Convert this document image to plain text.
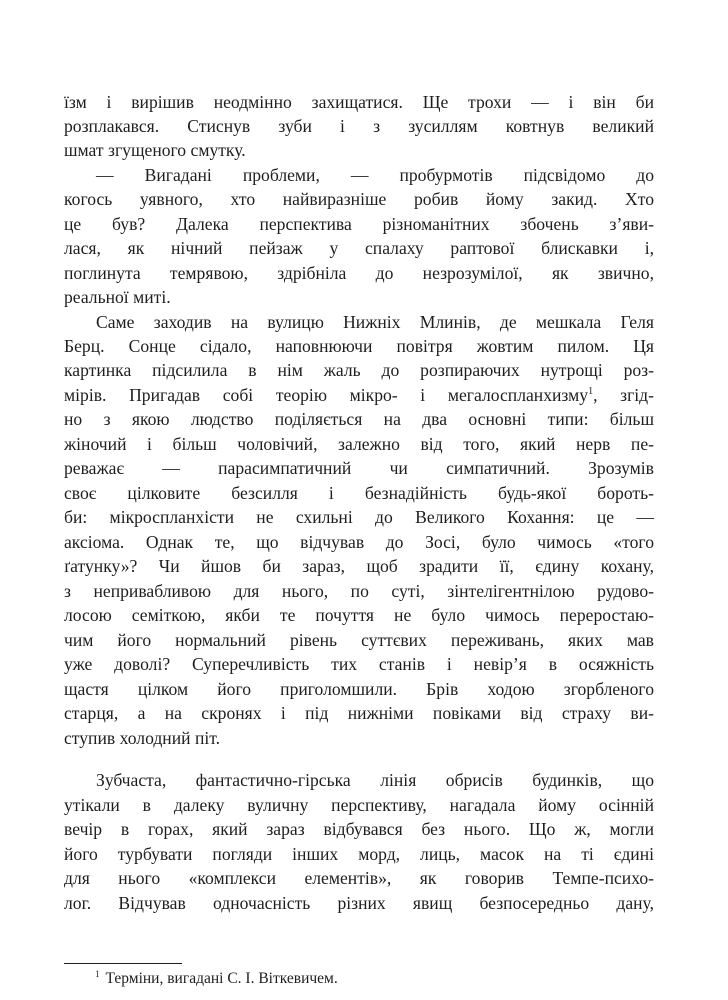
їзм і вирішив неодмінно захищатися. Ще трохи — і він би
розплакався. Стиснув зуби і з зусиллям ковтнув великий
шмат згущеного смутку.
— Вигадані проблеми, — пробурмотів підсвідомо до
когось уявного, хто найвиразніше робив йому закид. Хто
це був? Далека перспектива різноманітних збочень з’яви-
лася, як нічний пейзаж у спалаху раптової блискавки і,
поглинута темрявою, здрібніла до незрозумілої, як звично,
реальної миті.
Саме заходив на вулицю Нижніх Млинів, де мешкала Геля
Берц. Сонце сідало, наповнюючи повітря жовтим пилом. Ця
картинка підсилила в нім жаль до розпираючих нутрощі роз-
мірів. Пригадав собі теорію мікро- і мегалоспланхизму$^1$, згід-
но з якою людство поділяється на два основні типи: більш
жіночий і більш чоловічий, залежно від того, який нерв пе-
реважає — парасимпатичний чи симпатичний. Зрозумів
своє цілковите безсилля і безнадійність будь-якої бороть-
би: мікроспланхісти не схильні до Великого Кохання: це —
аксіома. Однак те, що відчував до Зосі, було чимось «того
ґатунку»? Чи йшов би зараз, щоб зрадити її, єдину кохану,
з непривабливою для нього, по суті, зінтелігентнілою рудово-
лосою семіткою, якби те почуття не було чимось переростаю-
чим його нормальний рівень суттєвих переживань, яких мав
уже доволі? Суперечливість тих станів і невір’я в осяжність
щастя цілком його приголомшили. Брів ходою згорбленого
старця, а на скронях і під нижніми повіками від страху ви-
ступив холодний піт.
Зубчаста, фантастично-гірська лінія обрисів будинків, що
утікали в далеку вуличну перспективу, нагадала йому осінній
вечір в горах, який зараз відбувався без нього. Що ж, могли
його турбувати погляди інших морд, лиць, масок на ті єдині
для нього «комплекси елементів», як говорив Темпе-психо-
лог. Відчував одночасність різних явищ безпосередньо дану,
$^1$ Терміни, вигадані С. І. Віткевичем.
